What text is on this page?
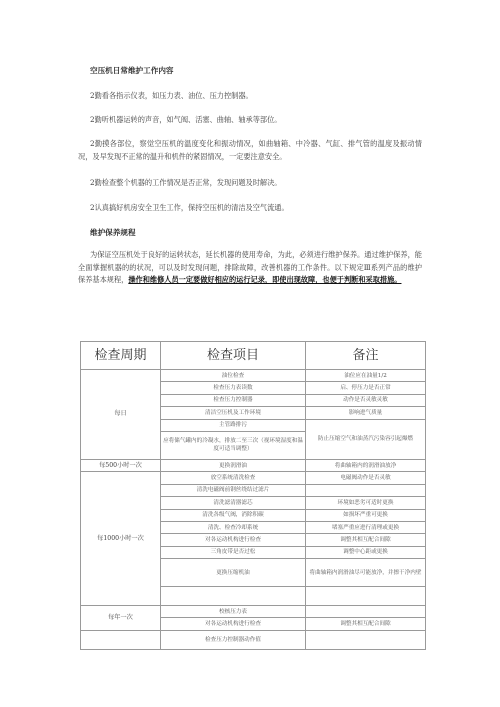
空压机日常维护工作内容
2勤看各指示仪表，如压力表、油位、压力控制器。
2勤听机器运转的声音，如气阀、活塞、曲轴、轴承等部位。

2勤摸各部位，察觉空压机的温度变化和振动情况，如曲轴箱、中冷器、气缸、排气管的温度及振动情况，及早发现不正常的温升和机件的紧固情况，一定要注意安全。

2勤检查整个机器的工作情况是否正常，发现问题及时解决。
2认真搞好机房安全卫生工作，保持空压机的清洁及空气流通。
维护保养规程

为保证空压机处于良好的运转状态，延长机器的使用寿命，为此，必须进行维护保养。通过维护保养，能全面掌握机器的的状况，可以及时发现问题，排除故障，改善机器的工作条件。以下规定Ⅲ系列产品的维护保养基本规程，操作和维修人员一定要做好相应的运行记录，即使出现故障，也便于判断和采取措施。

检查周期	检查项目	备注
每日	油位检查	油位应在油量1/2
	检查压力表读数	启、停压力是否正常
	检查压力控制器	动作是否灵敏灵敏
	清洁空压机及工作环境	影响进气质量
	主管路排污	防止压缩空气和油蒸汽污染容引起爆燃
	应将储气罐内的冷凝水，排放二至三次（视环境湿度和温度可适当调整）	
每500小时一次	更换润滑油	将曲轴箱内的润滑油放净
每1000小时一次	放空系统清洗检查	电磁阀动作是否灵敏
	清洗电磁阀前钢丝绕结过滤片	
	清洗滤清器滤芯	环境如恶劣可适时更换
	清洗各级气阀，消除积碳	如损坏严重可更换
	清洗、检查冷却系统	堵塞严重应进行清理或更换
	对各运动机构进行检查	调整其相互配合间隙
	三角皮带是否过松	调整中心距或更换
	更换压缩机油	将曲轴箱内润滑油尽可能放净，并擦干净内壁

每年一次	校核压力表	
	对各运动机构进行检查	调整其相互配合间隙
	检查压力控制器动作值	
